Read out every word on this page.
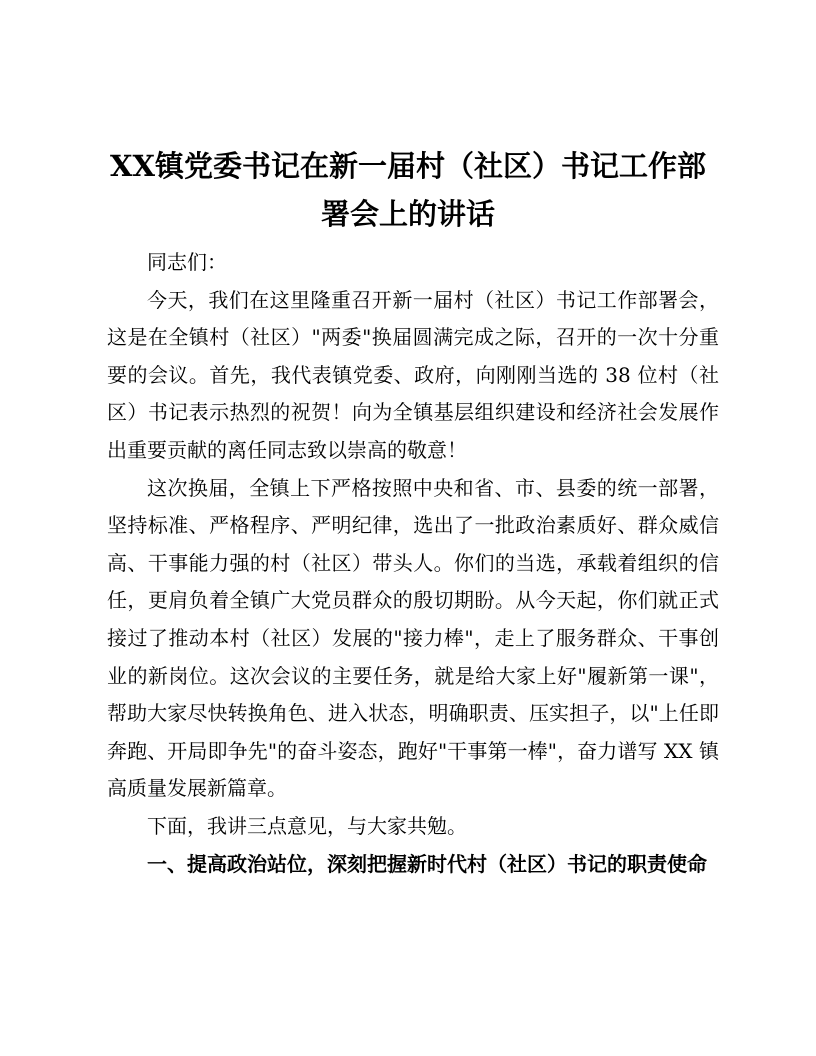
XX镇党委书记在新一届村（社区）书记工作部署会上的讲话

同志们：

今天，我们在这里隆重召开新一届村（社区）书记工作部署会，这是在全镇村（社区）"两委"换届圆满完成之际，召开的一次十分重要的会议。首先，我代表镇党委、政府，向刚刚当选的 38 位村（社区）书记表示热烈的祝贺！向为全镇基层组织建设和经济社会发展作出重要贡献的离任同志致以崇高的敬意！

这次换届，全镇上下严格按照中央和省、市、县委的统一部署，坚持标准、严格程序、严明纪律，选出了一批政治素质好、群众威信高、干事能力强的村（社区）带头人。你们的当选，承载着组织的信任，更肩负着全镇广大党员群众的殷切期盼。从今天起，你们就正式接过了推动本村（社区）发展的"接力棒"，走上了服务群众、干事创业的新岗位。这次会议的主要任务，就是给大家上好"履新第一课"，帮助大家尽快转换角色、进入状态，明确职责、压实担子，以"上任即奔跑、开局即争先"的奋斗姿态，跑好"干事第一棒"，奋力谱写 XX 镇高质量发展新篇章。

下面，我讲三点意见，与大家共勉。

一、提高政治站位，深刻把握新时代村（社区）书记的职责使命
